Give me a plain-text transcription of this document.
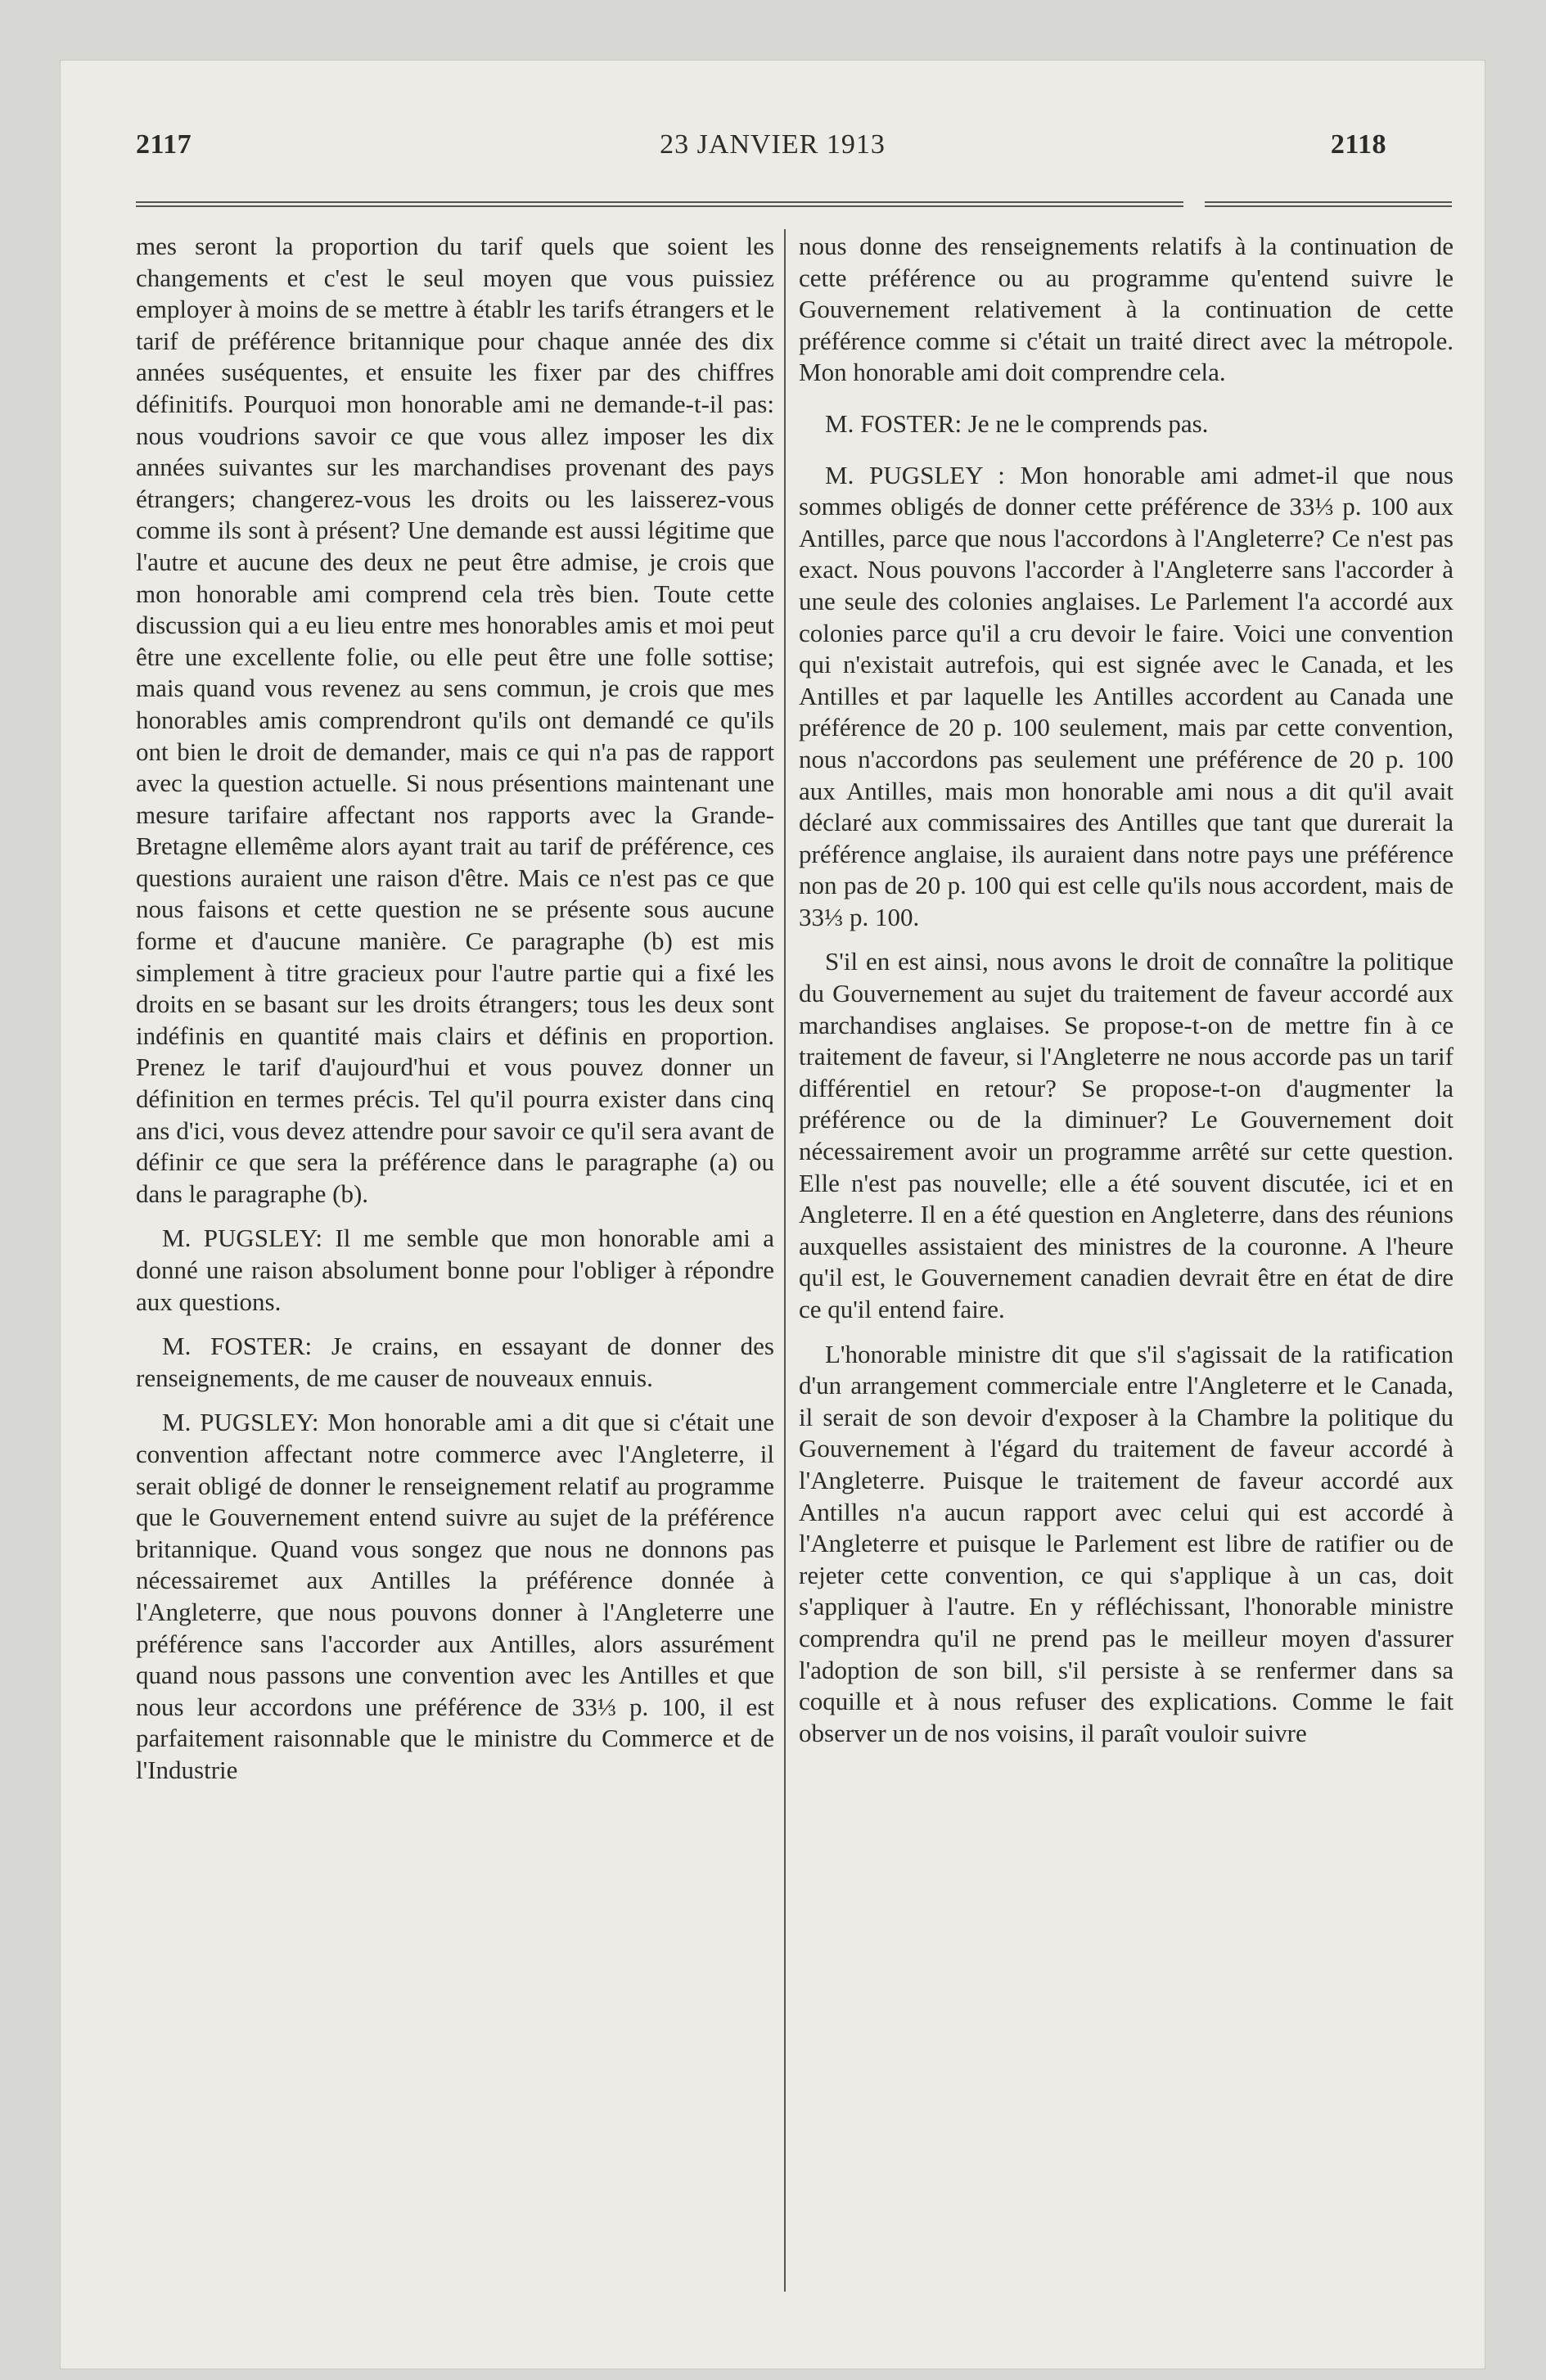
2117	23 JANVIER 1913	2118

mes seront la proportion du tarif quels que soient les changements et c'est le seul moyen que vous puissiez employer à moins de se mettre à établr les tarifs étrangers et le tarif de préférence britannique pour chaque année des dix années suséquentes, et ensuite les fixer par des chiffres définitifs. Pourquoi mon honorable ami ne demande-t-il pas: nous voudrions savoir ce que vous allez imposer les dix années suivantes sur les marchandises provenant des pays étrangers; changerez-vous les droits ou les laisserez-vous comme ils sont à présent? Une demande est aussi légitime que l'autre et aucune des deux ne peut être admise, je crois que mon honorable ami comprend cela très bien. Toute cette discussion qui a eu lieu entre mes honorables amis et moi peut être une excellente folie, ou elle peut être une folle sottise; mais quand vous revenez au sens commun, je crois que mes honorables amis comprendront qu'ils ont demandé ce qu'ils ont bien le droit de demander, mais ce qui n'a pas de rapport avec la question actuelle. Si nous présentions maintenant une mesure tarifaire affectant nos rapports avec la Grande-Bretagne ellemême alors ayant trait au tarif de préférence, ces questions auraient une raison d'être. Mais ce n'est pas ce que nous faisons et cette question ne se présente sous aucune forme et d'aucune manière. Ce paragraphe (b) est mis simplement à titre gracieux pour l'autre partie qui a fixé les droits en se basant sur les droits étrangers; tous les deux sont indéfinis en quantité mais clairs et définis en proportion. Prenez le tarif d'aujourd'hui et vous pouvez donner un définition en termes précis. Tel qu'il pourra exister dans cinq ans d'ici, vous devez attendre pour savoir ce qu'il sera avant de définir ce que sera la préférence dans le paragraphe (a) ou dans le paragraphe (b).

M. PUGSLEY: Il me semble que mon honorable ami a donné une raison absolument bonne pour l'obliger à répondre aux questions.

M. FOSTER: Je crains, en essayant de donner des renseignements, de me causer de nouveaux ennuis.

M. PUGSLEY: Mon honorable ami a dit que si c'était une convention affectant notre commerce avec l'Angleterre, il serait obligé de donner le renseignement relatif au programme que le Gouvernement entend suivre au sujet de la préférence britannique. Quand vous songez que nous ne donnons pas nécessairemet aux Antilles la préférence donnée à l'Angleterre, que nous pouvons donner à l'Angleterre une préférence sans l'accorder aux Antilles, alors assurément quand nous passons une convention avec les Antilles et que nous leur accordons une préférence de 33⅓ p. 100, il est parfaitement raisonnable que le ministre du Commerce et de l'Industrie

nous donne des renseignements relatifs à la continuation de cette préférence ou au programme qu'entend suivre le Gouvernement relativement à la continuation de cette préférence comme si c'était un traité direct avec la métropole. Mon honorable ami doit comprendre cela.

M. FOSTER: Je ne le comprends pas.

M. PUGSLEY : Mon honorable ami admet-il que nous sommes obligés de donner cette préférence de 33⅓ p. 100 aux Antilles, parce que nous l'accordons à l'Angleterre? Ce n'est pas exact. Nous pouvons l'accorder à l'Angleterre sans l'accorder à une seule des colonies anglaises. Le Parlement l'a accordé aux colonies parce qu'il a cru devoir le faire. Voici une convention qui n'existait autrefois, qui est signée avec le Canada, et les Antilles et par laquelle les Antilles accordent au Canada une préférence de 20 p. 100 seulement, mais par cette convention, nous n'accordons pas seulement une préférence de 20 p. 100 aux Antilles, mais mon honorable ami nous a dit qu'il avait déclaré aux commissaires des Antilles que tant que durerait la préférence anglaise, ils auraient dans notre pays une préférence non pas de 20 p. 100 qui est celle qu'ils nous accordent, mais de 33⅓ p. 100.

S'il en est ainsi, nous avons le droit de connaître la politique du Gouvernement au sujet du traitement de faveur accordé aux marchandises anglaises. Se propose-t-on de mettre fin à ce traitement de faveur, si l'Angleterre ne nous accorde pas un tarif différentiel en retour? Se propose-t-on d'augmenter la préférence ou de la diminuer? Le Gouvernement doit nécessairement avoir un programme arrêté sur cette question. Elle n'est pas nouvelle; elle a été souvent discutée, ici et en Angleterre. Il en a été question en Angleterre, dans des réunions auxquelles assistaient des ministres de la couronne. A l'heure qu'il est, le Gouvernement canadien devrait être en état de dire ce qu'il entend faire.

L'honorable ministre dit que s'il s'agissait de la ratification d'un arrangement commerciale entre l'Angleterre et le Canada, il serait de son devoir d'exposer à la Chambre la politique du Gouvernement à l'égard du traitement de faveur accordé à l'Angleterre. Puisque le traitement de faveur accordé aux Antilles n'a aucun rapport avec celui qui est accordé à l'Angleterre et puisque le Parlement est libre de ratifier ou de rejeter cette convention, ce qui s'applique à un cas, doit s'appliquer à l'autre. En y réfléchissant, l'honorable ministre comprendra qu'il ne prend pas le meilleur moyen d'assurer l'adoption de son bill, s'il persiste à se renfermer dans sa coquille et à nous refuser des explications. Comme le fait observer un de nos voisins, il paraît vouloir suivre
